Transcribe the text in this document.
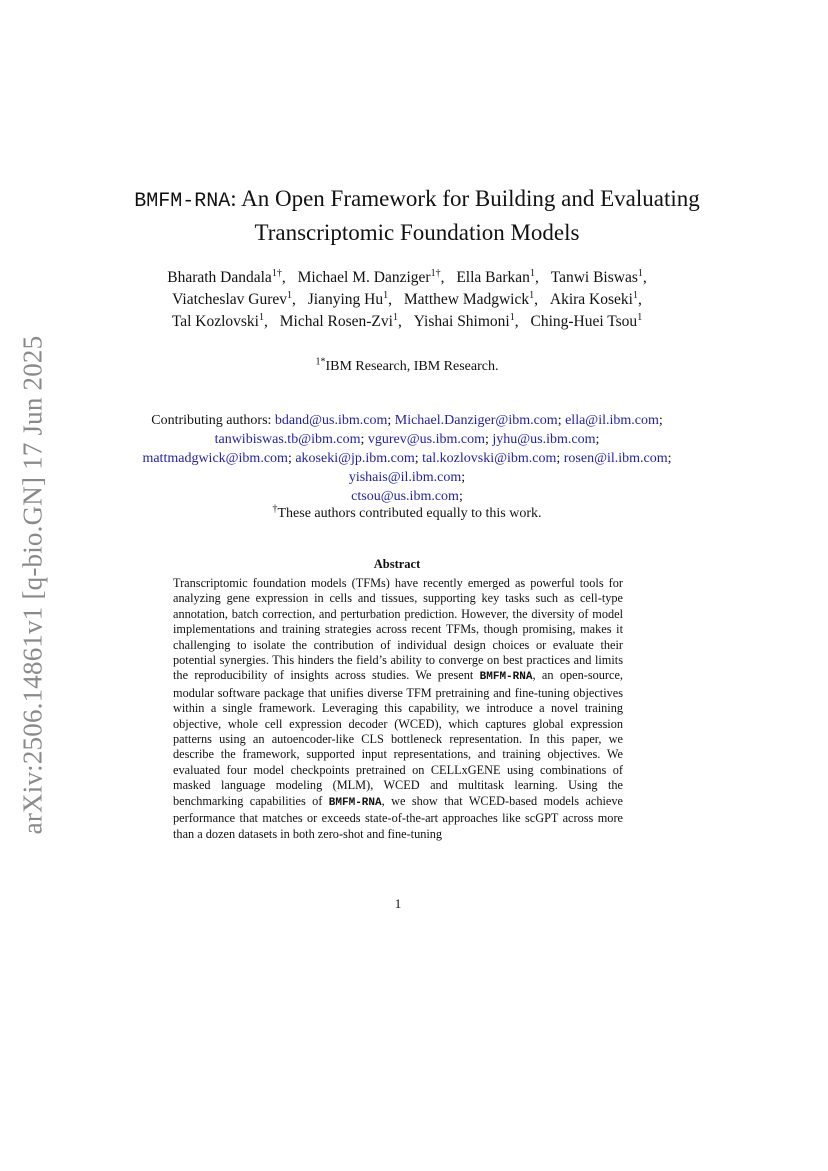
arXiv:2506.14861v1 [q-bio.GN] 17 Jun 2025
BMFM-RNA: An Open Framework for Building and Evaluating Transcriptomic Foundation Models
Bharath Dandala$^{1\dagger}$, Michael M. Danziger$^{1\dagger}$, Ella Barkan$^1$, Tanwi Biswas$^1$, Viatcheslav Gurev$^1$, Jianying Hu$^1$, Matthew Madgwick$^1$, Akira Koseki$^1$, Tal Kozlovski$^1$, Michal Rosen-Zvi$^1$, Yishai Shimoni$^1$, Ching-Huei Tsou$^1$
$^{1*}$IBM Research, IBM Research.
Contributing authors: bdand@us.ibm.com; Michael.Danziger@ibm.com; ella@il.ibm.com; tanwibiswas.tb@ibm.com; vgurev@us.ibm.com; jyhu@us.ibm.com; mattmadgwick@ibm.com; akoseki@jp.ibm.com; tal.kozlovski@ibm.com; rosen@il.ibm.com; yishais@il.ibm.com;
ctsou@us.ibm.com;
†These authors contributed equally to this work.
Abstract
Transcriptomic foundation models (TFMs) have recently emerged as powerful tools for analyzing gene expression in cells and tissues, supporting key tasks such as cell-type annotation, batch correction, and perturbation prediction. However, the diversity of model implementations and training strategies across recent TFMs, though promising, makes it challenging to isolate the contribution of individual design choices or evaluate their potential synergies. This hinders the field’s ability to converge on best practices and limits the reproducibility of insights across studies. We present BMFM-RNA, an open-source, modular software package that unifies diverse TFM pretraining and fine-tuning objectives within a single framework. Leveraging this capability, we introduce a novel training objective, whole cell expression decoder (WCED), which captures global expression patterns using an autoencoder-like CLS bottleneck representation. In this paper, we describe the framework, supported input representations, and training objectives. We evaluated four model checkpoints pretrained on CELLxGENE using combinations of masked language modeling (MLM), WCED and multitask learning. Using the benchmarking capabilities of BMFM-RNA, we show that WCED-based models achieve performance that matches or exceeds state-of-the-art approaches like scGPT across more than a dozen datasets in both zero-shot and fine-tuning
1
